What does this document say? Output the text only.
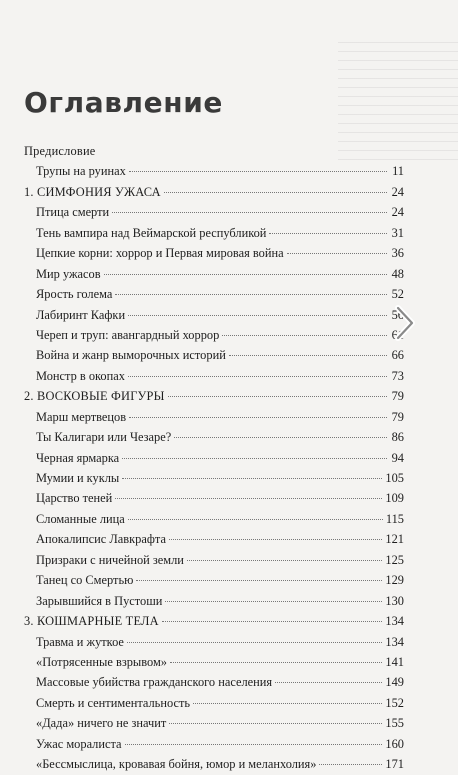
Оглавление
Предисловие
Трупы на руинах	11
1. СИМФОНИЯ УЖАСА	24
Птица смерти	24
Тень вампира над Веймарской республикой	31
Цепкие корни: хоррор и Первая мировая война	36
Мир ужасов	48
Ярость голема	52
Лабиринт Кафки	56
Череп и труп: авангардный хоррор	61
Война и жанр выморочных историй	66
Монстр в окопах	73
2. ВОСКОВЫЕ ФИГУРЫ	79
Марш мертвецов	79
Ты Калигари или Чезаре?	86
Черная ярмарка	94
Мумии и куклы	105
Царство теней	109
Сломанные лица	115
Апокалипсис Лавкрафта	121
Призраки с ничейной земли	125
Танец со Смертью	129
Зарывшийся в Пустоши	130
3. КОШМАРНЫЕ ТЕЛА	134
Травма и жуткое	134
«Потрясенные взрывом»	141
Массовые убийства гражданского населения	149
Смерть и сентиментальность	152
«Дада» ничего не значит	155
Ужас моралиста	160
«Бессмыслица, кровавая бойня, юмор и меланхолия»	171
